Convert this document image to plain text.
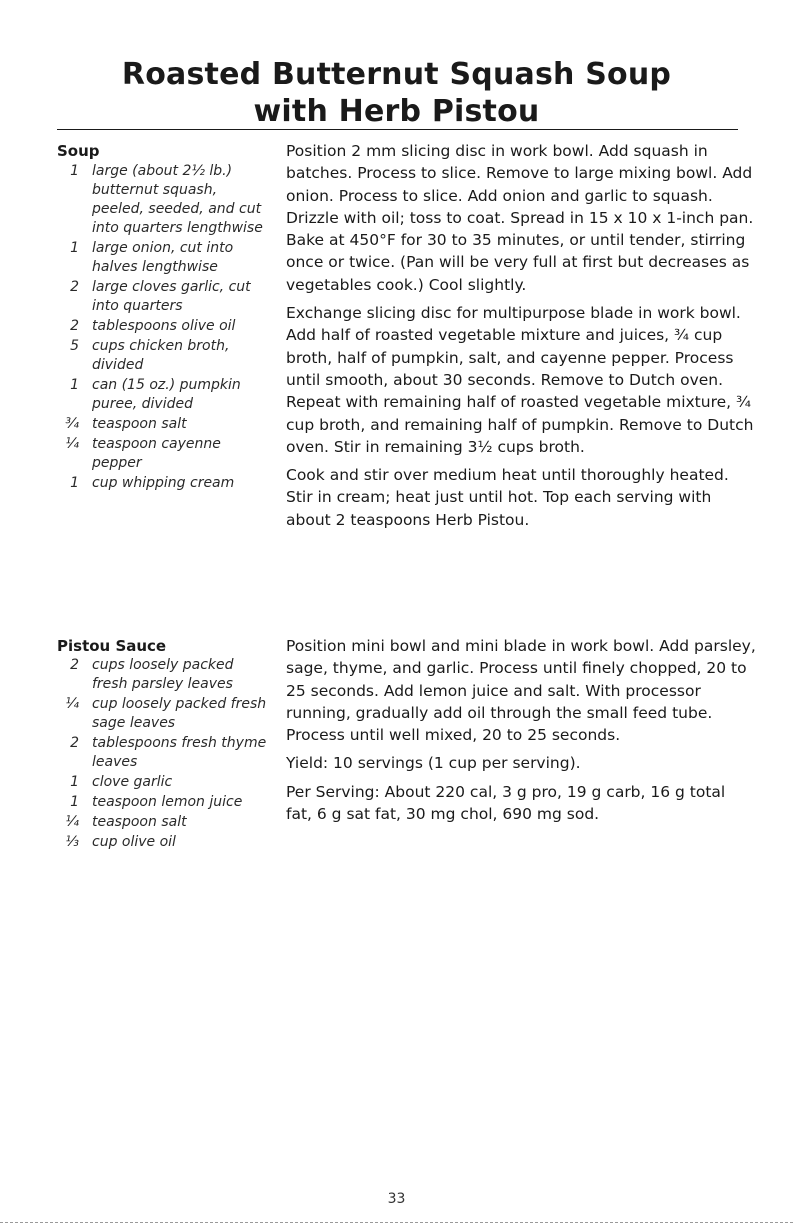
Roasted Butternut Squash Soup
with Herb Pistou
Soup
1 large (about 2½ lb.) butternut squash, peeled, seeded, and cut into quarters lengthwise
1 large onion, cut into halves lengthwise
2 large cloves garlic, cut into quarters
2 tablespoons olive oil
5 cups chicken broth, divided
1 can (15 oz.) pumpkin puree, divided
¾ teaspoon salt
¼ teaspoon cayenne pepper
1 cup whipping cream

Position 2 mm slicing disc in work bowl. Add squash in batches. Process to slice. Remove to large mixing bowl. Add onion. Process to slice. Add onion and garlic to squash. Drizzle with oil; toss to coat. Spread in 15 x 10 x 1-inch pan. Bake at 450°F for 30 to 35 minutes, or until tender, stirring once or twice. (Pan will be very full at first but decreases as vegetables cook.) Cool slightly.

Exchange slicing disc for multipurpose blade in work bowl. Add half of roasted vegetable mixture and juices, ¾ cup broth, half of pumpkin, salt, and cayenne pepper. Process until smooth, about 30 seconds. Remove to Dutch oven. Repeat with remaining half of roasted vegetable mixture, ¾ cup broth, and remaining half of pumpkin. Remove to Dutch oven. Stir in remaining 3½ cups broth.

Cook and stir over medium heat until thoroughly heated. Stir in cream; heat just until hot. Top each serving with about 2 teaspoons Herb Pistou.

Pistou Sauce
2 cups loosely packed fresh parsley leaves
¼ cup loosely packed fresh sage leaves
2 tablespoons fresh thyme leaves
1 clove garlic
1 teaspoon lemon juice
¼ teaspoon salt
⅓ cup olive oil

Position mini bowl and mini blade in work bowl. Add parsley, sage, thyme, and garlic. Process until finely chopped, 20 to 25 seconds. Add lemon juice and salt. With processor running, gradually add oil through the small feed tube. Process until well mixed, 20 to 25 seconds.

Yield: 10 servings (1 cup per serving).

Per Serving: About 220 cal, 3 g pro, 19 g carb, 16 g total fat, 6 g sat fat, 30 mg chol, 690 mg sod.

33
